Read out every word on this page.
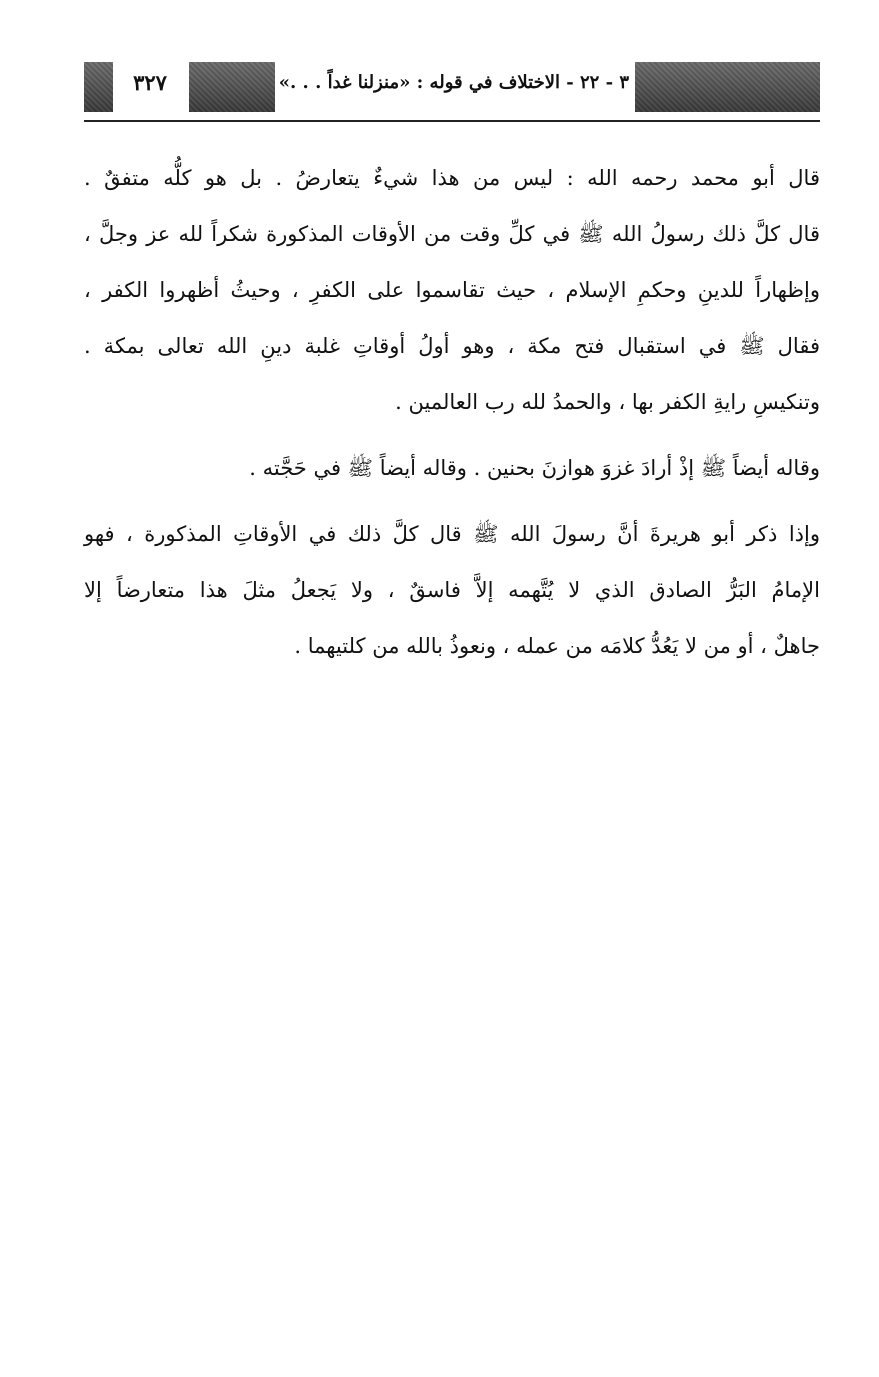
٣ - ٢٢ - الاختلاف في قوله : «منزلنا غداً . . .»
٣٢٧
قال أبو محمد رحمه الله : ليس من هذا شيءٌ يتعارضُ . بل هو كلُّه متفقٌ .
قال كلَّ ذلك رسولُ الله ﷺ في كلِّ وقت من الأوقات المذكورة شكراً لله عز وجلَّ ،
وإظهاراً للدينِ وحكمِ الإسلام ، حيث تقاسموا على الكفرِ ، وحيثُ أظهروا الكفر ،
فقال ﷺ في استقبال فتح مكة ، وهو أولُ أوقاتِ غلبة دينِ الله تعالى بمكة .
وتنكيسِ رايةِ الكفر بها ، والحمدُ لله رب العالمين .
وقاله أيضاً ﷺ إذْ أرادَ غزوَ هوازنَ بحنين . وقاله أيضاً ﷺ في حَجَّته .
وإذا ذكر أبو هريرةَ أنَّ رسولَ الله ﷺ قال كلَّ ذلك في الأوقاتِ المذكورة ، فهو
الإمامُ البَرُّ الصادق الذي لا يُتَّهمه إلاَّ فاسقٌ ، ولا يَجعلُ مثلَ هذا متعارضاً إلا
جاهلٌ ، أو من لا يَعُدُّ كلامَه من عمله ، ونعوذُ بالله من كلتيهما .
